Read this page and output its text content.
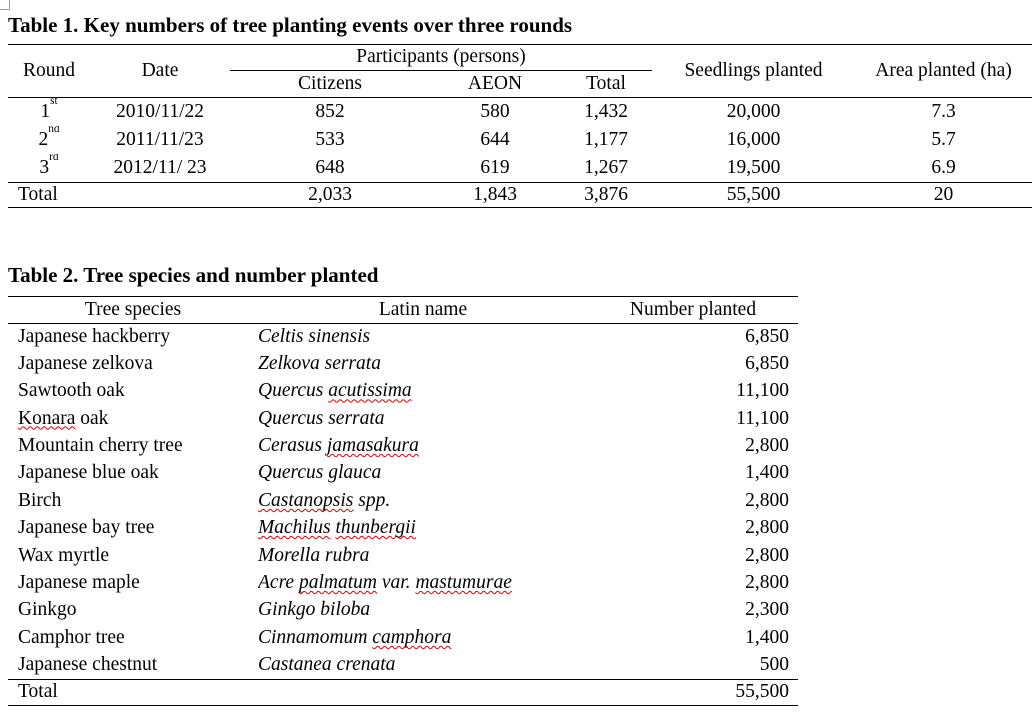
Table 1. Key numbers of tree planting events over three rounds
Round	Date	Participants (persons)			Seedlings planted	Area planted (ha)
		Citizens	AEON	Total		
1st	2010/11/22	852	580	1,432	20,000	7.3
2nd	2011/11/23	533	644	1,177	16,000	5.7
3rd	2012/11/ 23	648	619	1,267	19,500	6.9
Total		2,033	1,843	3,876	55,500	20
Table 2. Tree species and number planted
Tree species	Latin name	Number planted
Japanese hackberry	Celtis sinensis	6,850
Japanese zelkova	Zelkova serrata	6,850
Sawtooth oak	Quercus acutissima	11,100
Konara oak	Quercus serrata	11,100
Mountain cherry tree	Cerasus jamasakura	2,800
Japanese blue oak	Quercus glauca	1,400
Birch	Castanopsis spp.	2,800
Japanese bay tree	Machilus thunbergii	2,800
Wax myrtle	Morella rubra	2,800
Japanese maple	Acre palmatum var. mastumurae	2,800
Ginkgo	Ginkgo biloba	2,300
Camphor tree	Cinnamomum camphora	1,400
Japanese chestnut	Castanea crenata	500
Total		55,500
